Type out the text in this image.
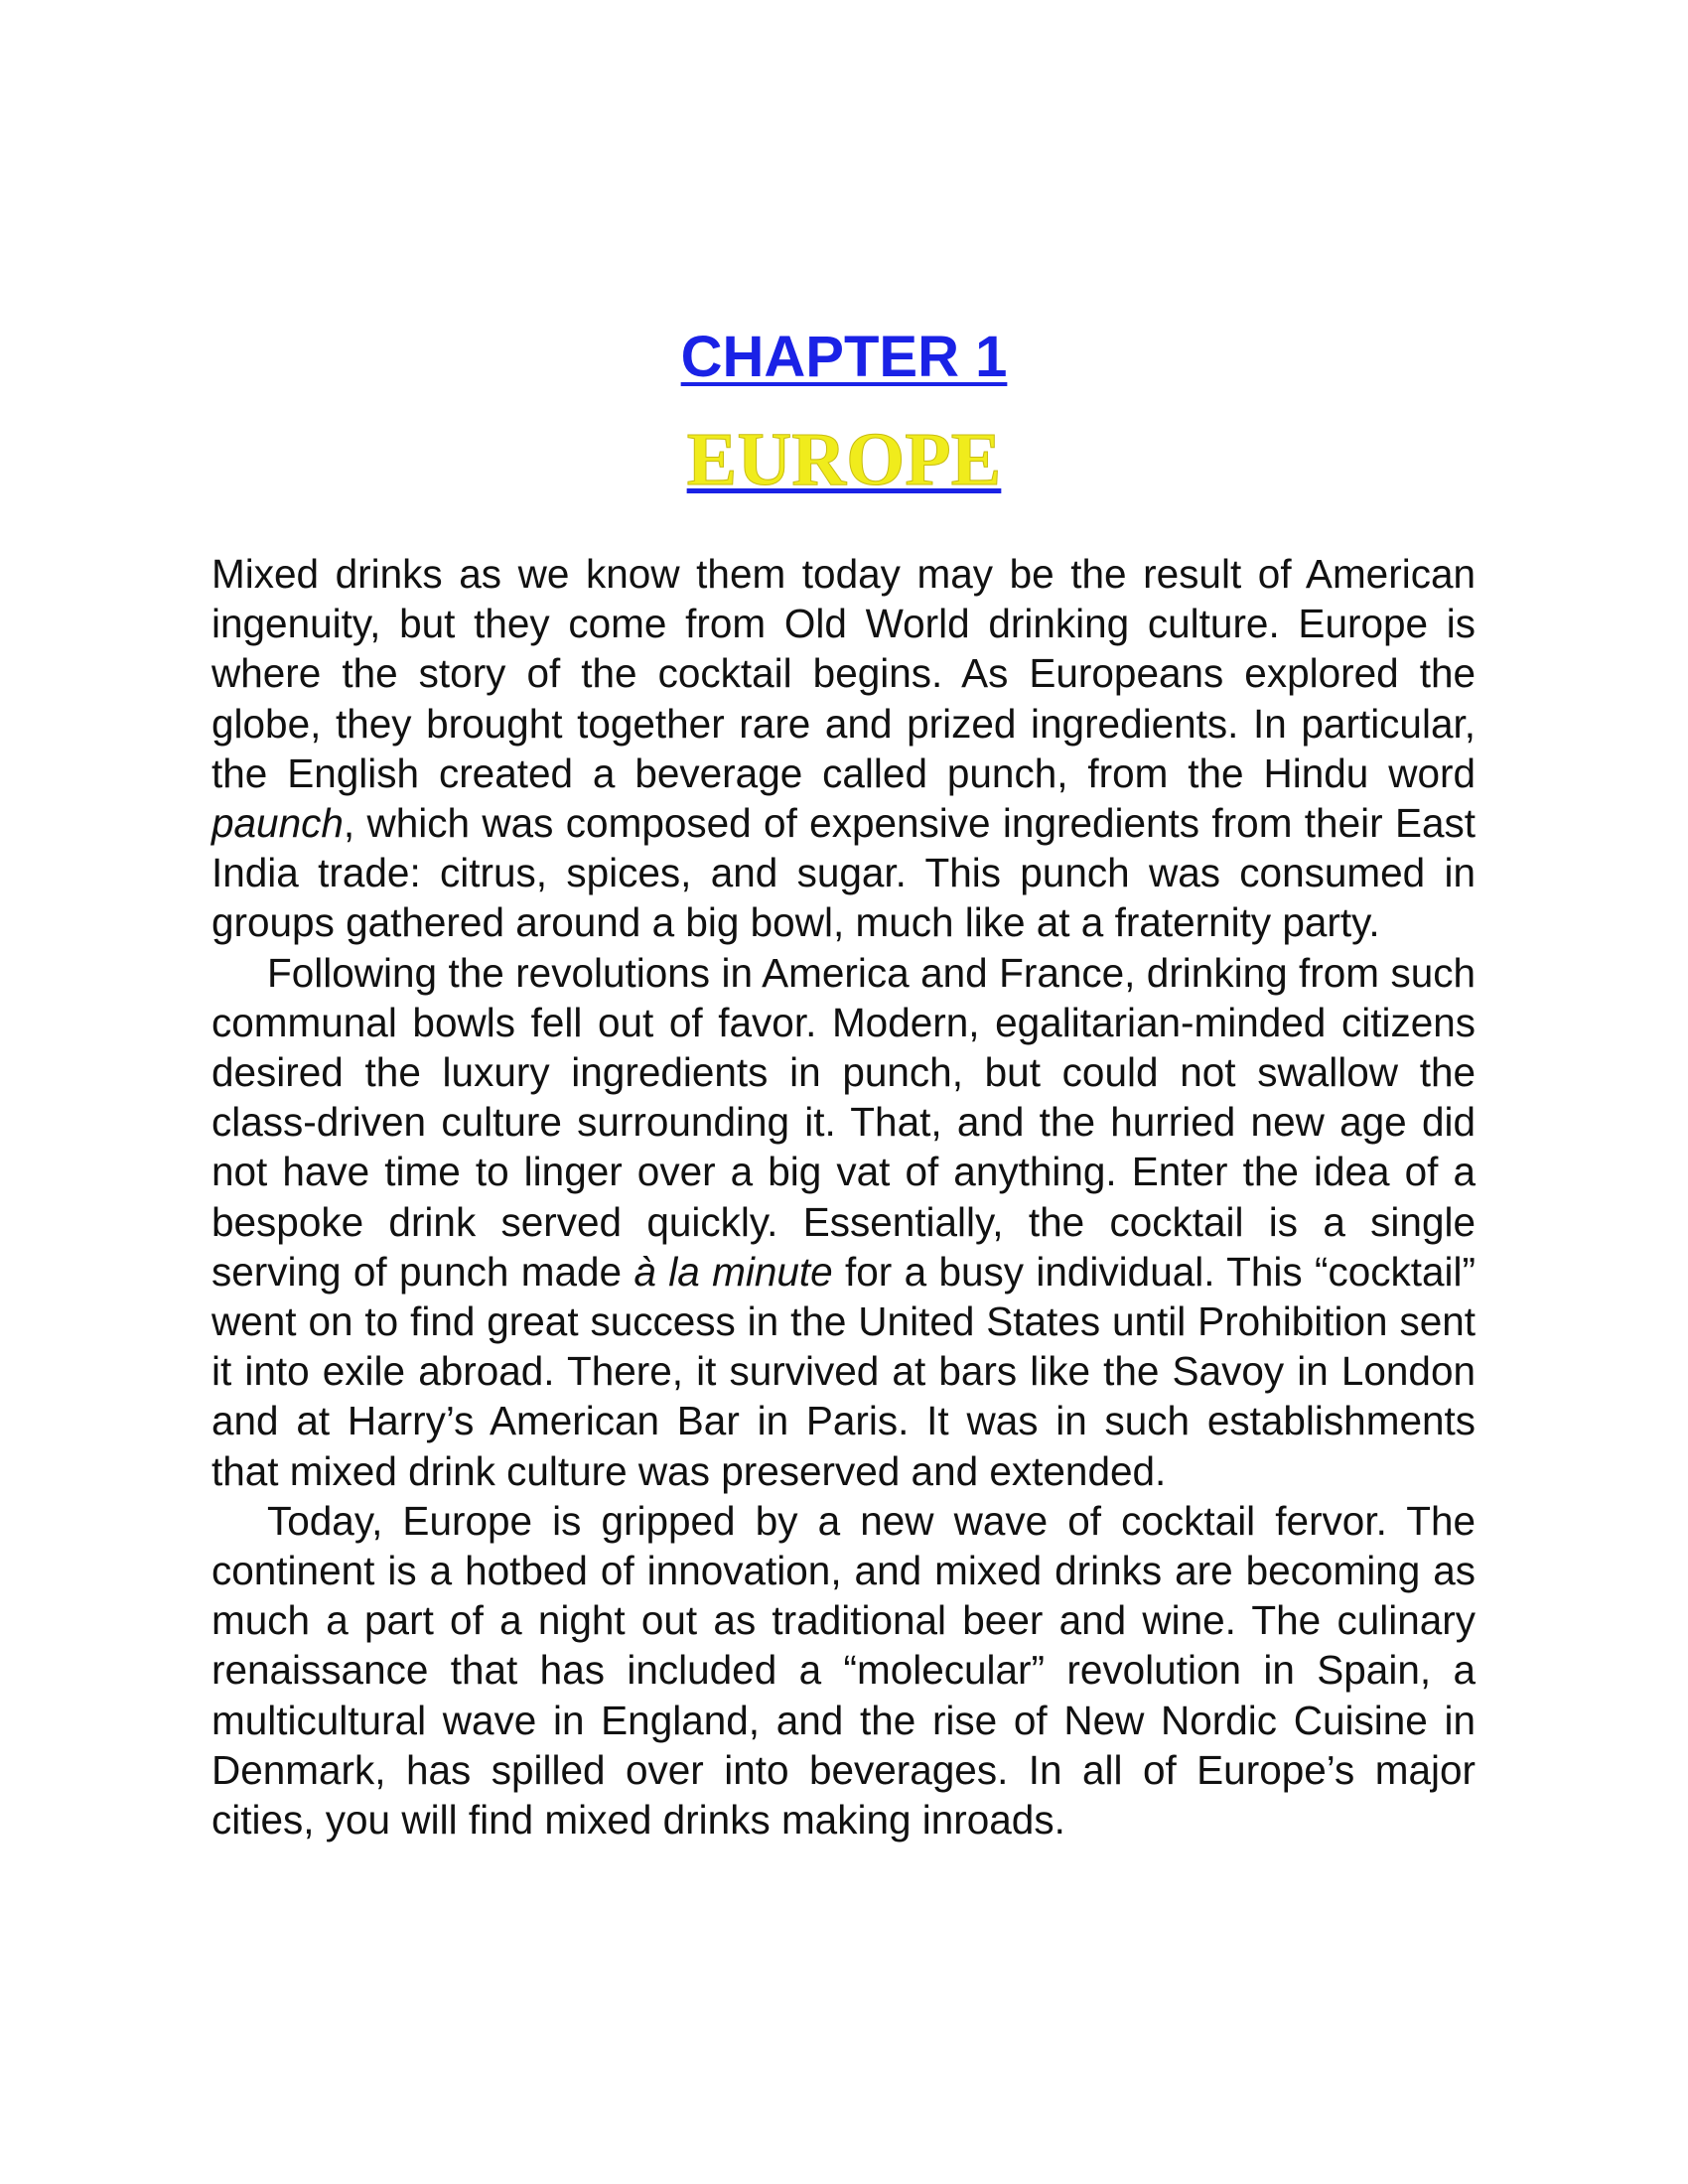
CHAPTER 1
EUROPE

Mixed drinks as we know them today may be the result of American ingenuity, but they come from Old World drinking culture. Europe is where the story of the cocktail begins. As Europeans explored the globe, they brought together rare and prized ingredients. In particular, the English created a beverage called punch, from the Hindu word paunch, which was composed of expensive ingredients from their East India trade: citrus, spices, and sugar. This punch was consumed in groups gathered around a big bowl, much like at a fraternity party.

Following the revolutions in America and France, drinking from such communal bowls fell out of favor. Modern, egalitarian-minded citizens desired the luxury ingredients in punch, but could not swallow the class-driven culture surrounding it. That, and the hurried new age did not have time to linger over a big vat of anything. Enter the idea of a bespoke drink served quickly. Essentially, the cocktail is a single serving of punch made à la minute for a busy individual. This “cocktail” went on to find great success in the United States until Prohibition sent it into exile abroad. There, it survived at bars like the Savoy in London and at Harry’s American Bar in Paris. It was in such establishments that mixed drink culture was preserved and extended.

Today, Europe is gripped by a new wave of cocktail fervor. The continent is a hotbed of innovation, and mixed drinks are becoming as much a part of a night out as traditional beer and wine. The culinary renaissance that has included a “molecular” revolution in Spain, a multicultural wave in England, and the rise of New Nordic Cuisine in Denmark, has spilled over into beverages. In all of Europe’s major cities, you will find mixed drinks making inroads.
